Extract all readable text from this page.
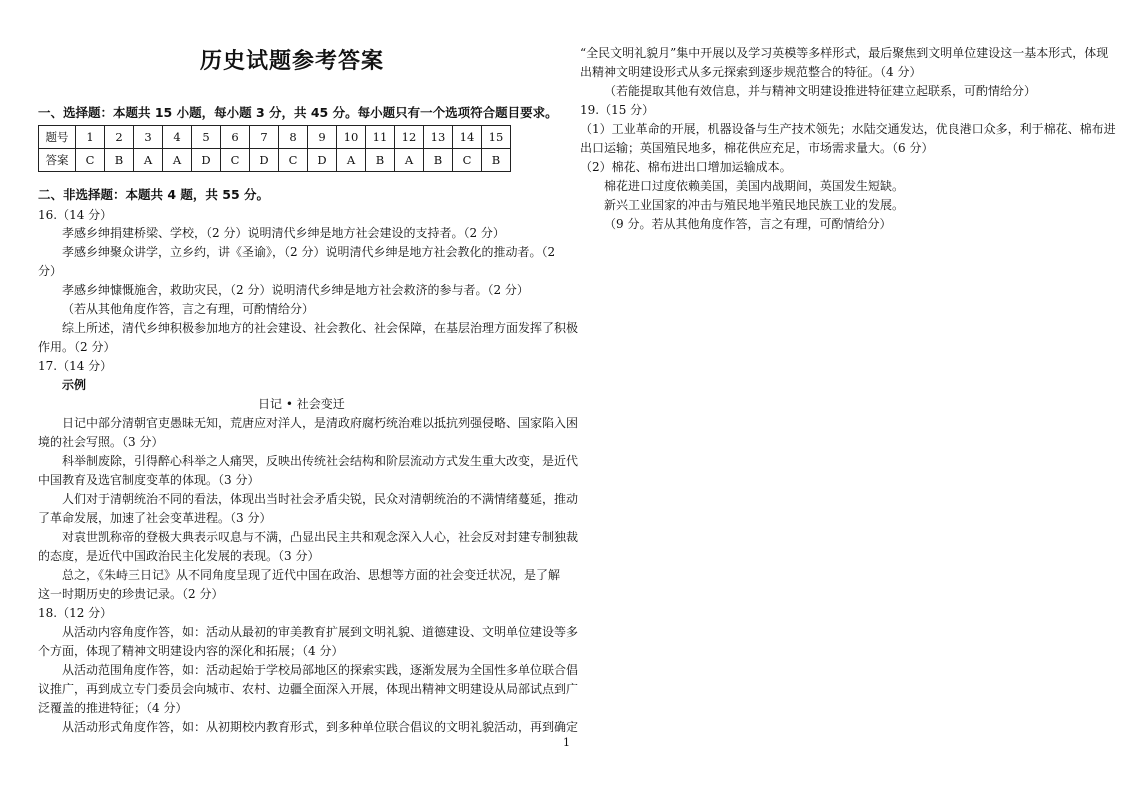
历史试题参考答案
一、选择题：本题共 15 小题，每小题 3 分，共 45 分。每小题只有一个选项符合题目要求。
题号	1	2	3	4	5	6	7	8	9	10	11	12	13	14	15
答案	C	B	A	A	D	C	D	C	D	A	B	A	B	C	B
二、非选择题：本题共 4 题，共 55 分。
16.（14 分）
孝感乡绅捐建桥梁、学校，（2 分）说明清代乡绅是地方社会建设的支持者。（2 分）
孝感乡绅聚众讲学，立乡约，讲《圣谕》，（2 分）说明清代乡绅是地方社会教化的推动者。（2
分）
孝感乡绅慷慨施舍，救助灾民，（2 分）说明清代乡绅是地方社会救济的参与者。（2 分）
（若从其他角度作答，言之有理，可酌情给分）
综上所述，清代乡绅积极参加地方的社会建设、社会教化、社会保障，在基层治理方面发挥了积极
作用。（2 分）
17.（14 分）
示例
日记 • 社会变迁
日记中部分清朝官吏愚昧无知，荒唐应对洋人，是清政府腐朽统治难以抵抗列强侵略、国家陷入困
境的社会写照。（3 分）
科举制废除，引得醉心科举之人痛哭，反映出传统社会结构和阶层流动方式发生重大改变，是近代
中国教育及选官制度变革的体现。（3 分）
人们对于清朝统治不同的看法，体现出当时社会矛盾尖锐，民众对清朝统治的不满情绪蔓延，推动
了革命发展，加速了社会变革进程。（3 分）
对袁世凯称帝的登极大典表示叹息与不满，凸显出民主共和观念深入人心，社会反对封建专制独裁
的态度，是近代中国政治民主化发展的表现。（3 分）
总之，《朱峙三日记》从不同角度呈现了近代中国在政治、思想等方面的社会变迁状况，是了解
这一时期历史的珍贵记录。（2 分）
18.（12 分）
从活动内容角度作答，如：活动从最初的审美教育扩展到文明礼貌、道德建设、文明单位建设等多
个方面，体现了精神文明建设内容的深化和拓展；（4 分）
从活动范围角度作答，如：活动起始于学校局部地区的探索实践，逐渐发展为全国性多单位联合倡
议推广，再到成立专门委员会向城市、农村、边疆全面深入开展，体现出精神文明建设从局部试点到广
泛覆盖的推进特征；（4 分）
从活动形式角度作答，如：从初期校内教育形式，到多种单位联合倡议的文明礼貌活动，再到确定
1
“全民文明礼貌月”集中开展以及学习英模等多样形式，最后聚焦到文明单位建设这一基本形式，体现
出精神文明建设形式从多元探索到逐步规范整合的特征。（4 分）
（若能提取其他有效信息，并与精神文明建设推进特征建立起联系，可酌情给分）
19.（15 分）
（1）工业革命的开展，机器设备与生产技术领先；水陆交通发达，优良港口众多，利于棉花、棉布进
出口运输；英国殖民地多，棉花供应充足，市场需求量大。（6 分）
（2）棉花、棉布进出口增加运输成本。
棉花进口过度依赖美国，美国内战期间，英国发生短缺。
新兴工业国家的冲击与殖民地半殖民地民族工业的发展。
（9 分。若从其他角度作答，言之有理，可酌情给分）
